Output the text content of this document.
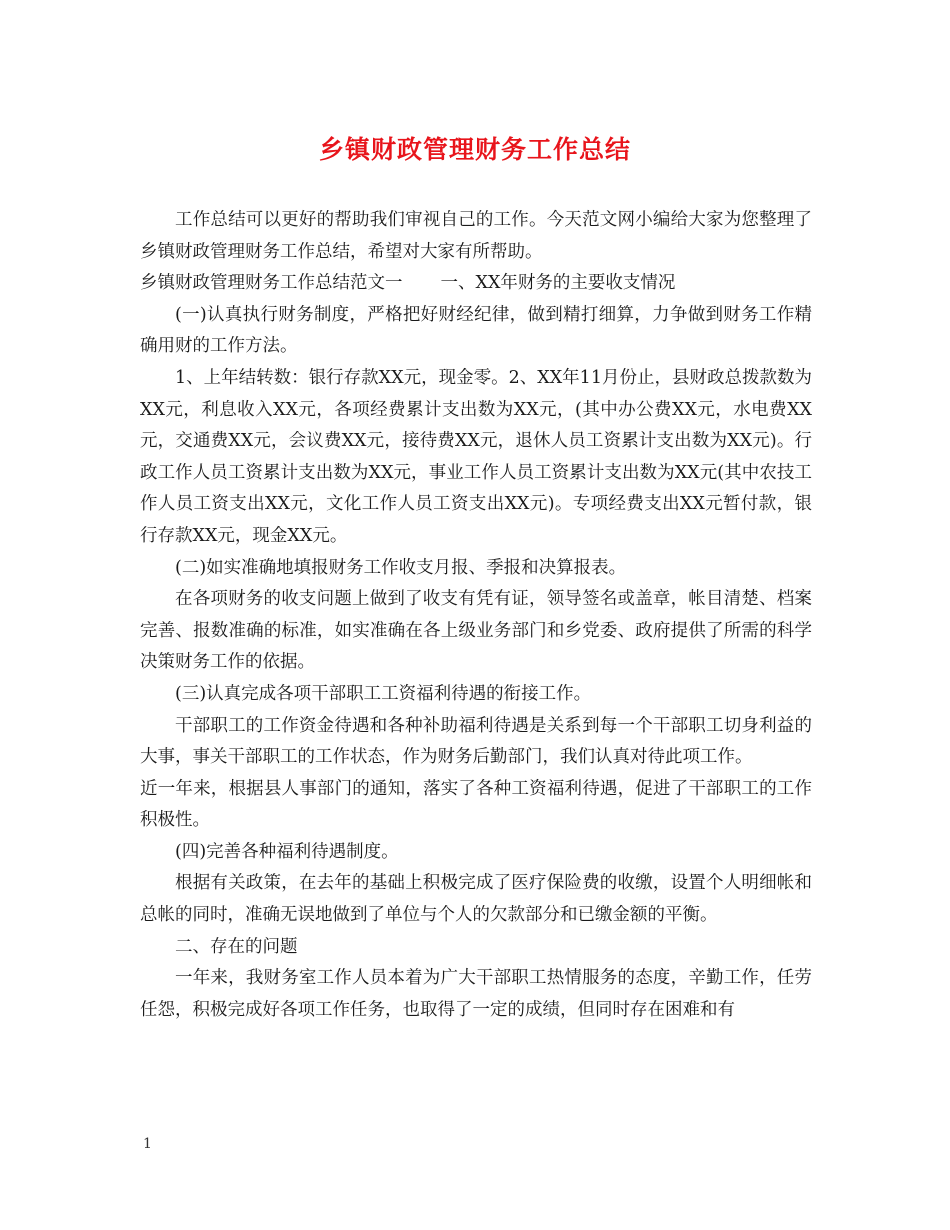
乡镇财政管理财务工作总结

工作总结可以更好的帮助我们审视自己的工作。今天范文网小编给大家为您整理了乡镇财政管理财务工作总结，希望对大家有所帮助。

乡镇财政管理财务工作总结范文一 一、XX年财务的主要收支情况

(一)认真执行财务制度，严格把好财经纪律，做到精打细算，力争做到财务工作精确用财的工作方法。

1、上年结转数：银行存款XX元，现金零。2、XX年11月份止，县财政总拨款数为XX元，利息收入XX元，各项经费累计支出数为XX元，(其中办公费XX元，水电费XX元，交通费XX元，会议费XX元，接待费XX元，退休人员工资累计支出数为XX元)。行政工作人员工资累计支出数为XX元，事业工作人员工资累计支出数为XX元(其中农技工作人员工资支出XX元，文化工作人员工资支出XX元)。专项经费支出XX元暂付款，银行存款XX元，现金XX元。

(二)如实准确地填报财务工作收支月报、季报和决算报表。

在各项财务的收支问题上做到了收支有凭有证，领导签名或盖章，帐目清楚、档案完善、报数准确的标准，如实准确在各上级业务部门和乡党委、政府提供了所需的科学决策财务工作的依据。

(三)认真完成各项干部职工工资福利待遇的衔接工作。

干部职工的工作资金待遇和各种补助福利待遇是关系到每一个干部职工切身利益的大事，事关干部职工的工作状态，作为财务后勤部门，我们认真对待此项工作。

近一年来，根据县人事部门的通知，落实了各种工资福利待遇，促进了干部职工的工作积极性。

(四)完善各种福利待遇制度。

根据有关政策，在去年的基础上积极完成了医疗保险费的收缴，设置个人明细帐和总帐的同时，准确无误地做到了单位与个人的欠款部分和已缴金额的平衡。

二、存在的问题

一年来，我财务室工作人员本着为广大干部职工热情服务的态度，辛勤工作，任劳任怨，积极完成好各项工作任务，也取得了一定的成绩，但同时存在困难和有

1
